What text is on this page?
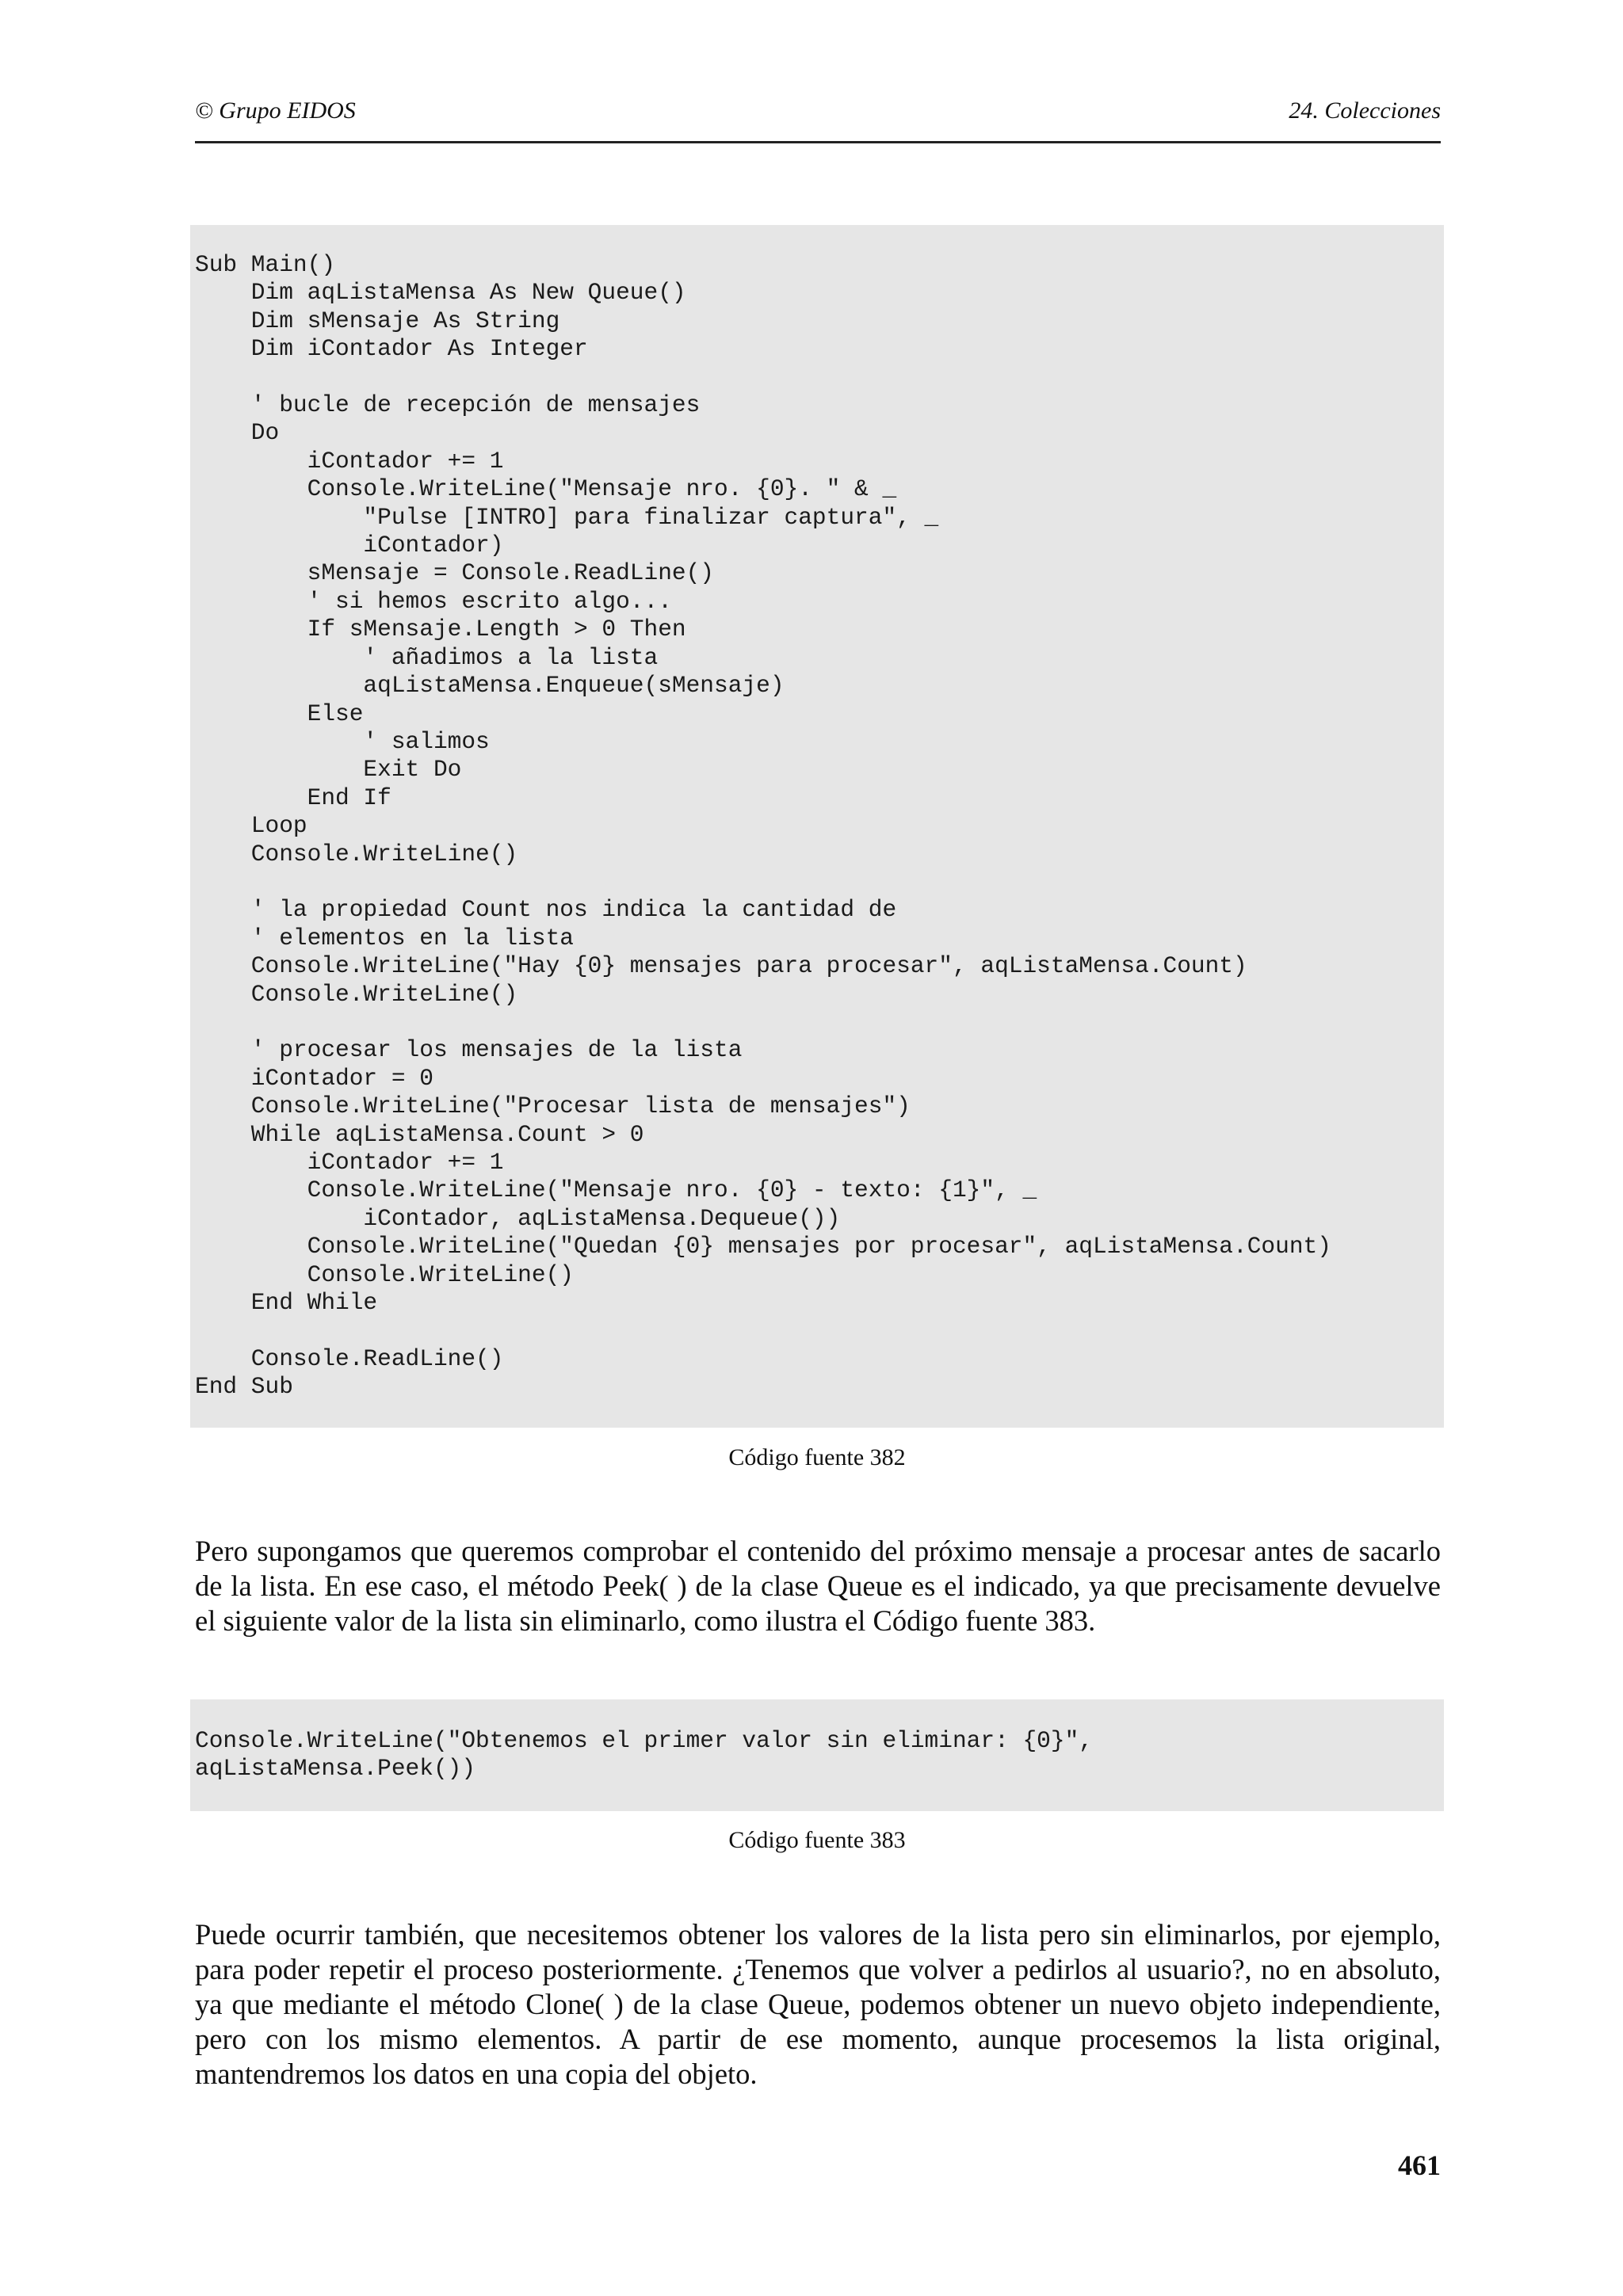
© Grupo EIDOS	24. Colecciones
Sub Main()
Dim aqListaMensa As New Queue()
Dim sMensaje As String
Dim iContador As Integer

' bucle de recepción de mensajes
Do
iContador += 1
Console.WriteLine("Mensaje nro. {0}. " & _
"Pulse [INTRO] para finalizar captura", _
iContador)
sMensaje = Console.ReadLine()
' si hemos escrito algo...
If sMensaje.Length > 0 Then
' añadimos a la lista
aqListaMensa.Enqueue(sMensaje)
Else
' salimos
Exit Do
End If
Loop
Console.WriteLine()

' la propiedad Count nos indica la cantidad de
' elementos en la lista
Console.WriteLine("Hay {0} mensajes para procesar", aqListaMensa.Count)
Console.WriteLine()

' procesar los mensajes de la lista
iContador = 0
Console.WriteLine("Procesar lista de mensajes")
While aqListaMensa.Count > 0
iContador += 1
Console.WriteLine("Mensaje nro. {0} - texto: {1}", _
iContador, aqListaMensa.Dequeue())
Console.WriteLine("Quedan {0} mensajes por procesar", aqListaMensa.Count)
Console.WriteLine()
End While

Console.ReadLine()
End Sub
Código fuente 382

Pero supongamos que queremos comprobar el contenido del próximo mensaje a procesar antes de sacarlo de la lista. En ese caso, el método Peek( ) de la clase Queue es el indicado, ya que precisamente devuelve el siguiente valor de la lista sin eliminarlo, como ilustra el Código fuente 383.

Console.WriteLine("Obtenemos el primer valor sin eliminar: {0}",
aqListaMensa.Peek())
Código fuente 383

Puede ocurrir también, que necesitemos obtener los valores de la lista pero sin eliminarlos, por ejemplo, para poder repetir el proceso posteriormente. ¿Tenemos que volver a pedirlos al usuario?, no en absoluto, ya que mediante el método Clone( ) de la clase Queue, podemos obtener un nuevo objeto independiente, pero con los mismo elementos. A partir de ese momento, aunque procesemos la lista original, mantendremos los datos en una copia del objeto.

461
